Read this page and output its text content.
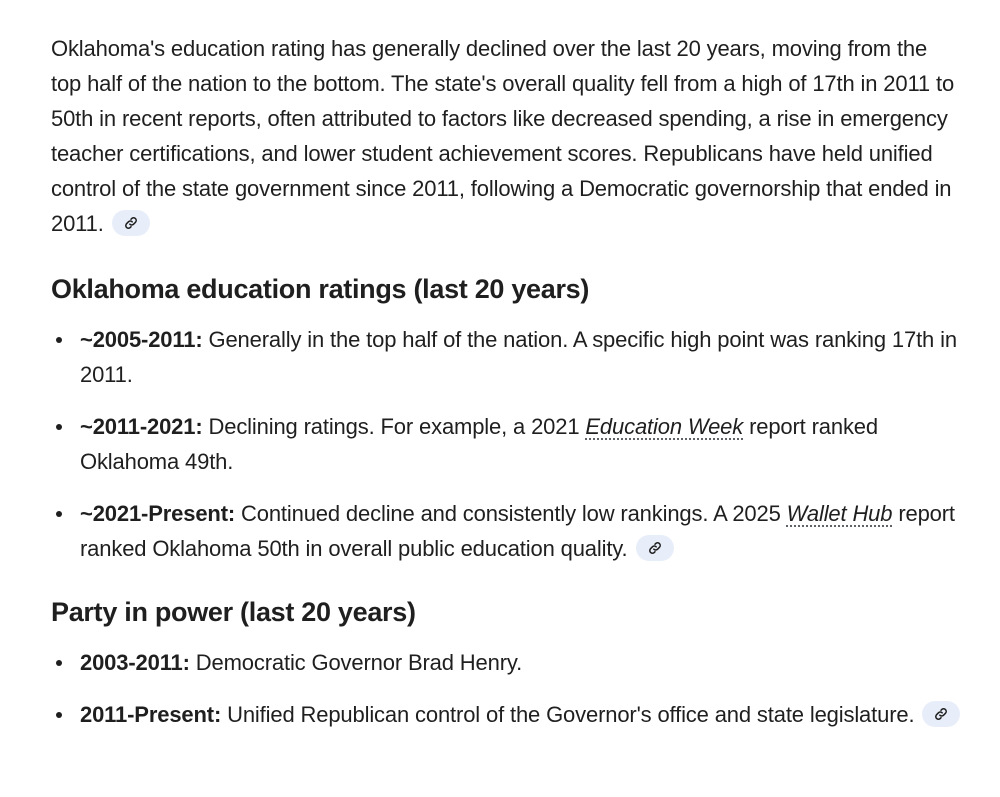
Oklahoma's education rating has generally declined over the last 20 years, moving from the top half of the nation to the bottom. The state's overall quality fell from a high of 17th in 2011 to 50th in recent reports, often attributed to factors like decreased spending, a rise in emergency teacher certifications, and lower student achievement scores. Republicans have held unified control of the state government since 2011, following a Democratic governorship that ended in 2011.

Oklahoma education ratings (last 20 years)
~2005-2011: Generally in the top half of the nation. A specific high point was ranking 17th in 2011.
~2011-2021: Declining ratings. For example, a 2021 Education Week report ranked Oklahoma 49th.
~2021-Present: Continued decline and consistently low rankings. A 2025 Wallet Hub report ranked Oklahoma 50th in overall public education quality.
Party in power (last 20 years)
2003-2011: Democratic Governor Brad Henry.
2011-Present: Unified Republican control of the Governor's office and state legislature.
